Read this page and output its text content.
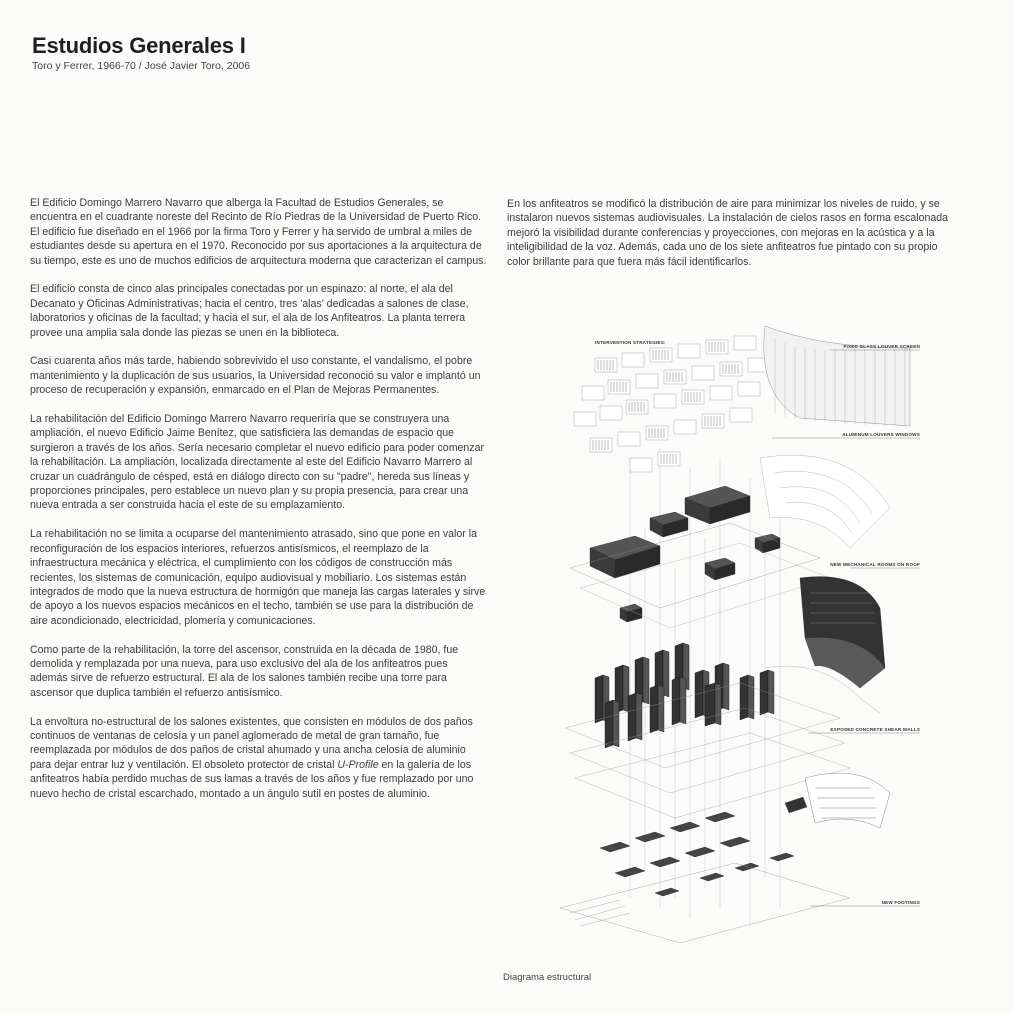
Estudios Generales I
Toro y Ferrer, 1966-70 / José Javier Toro, 2006

El Edificio Domingo Marrero Navarro que alberga la Facultad de Estudios Generales, se encuentra en el cuadrante noreste del Recinto de Río Piedras de la Universidad de Puerto Rico. El edificio fue diseñado en el 1966 por la firma Toro y Ferrer y ha servido de umbral a miles de estudiantes desde su apertura en el 1970. Reconocido por sus aportaciones a la arquitectura de su tiempo, este es uno de muchos edificios de arquitectura moderna que caracterizan el campus.

El edificio consta de cinco alas principales conectadas por un espinazo: al norte, el ala del Decanato y Oficinas Administrativas; hacia el centro, tres 'alas' dedicadas a salones de clase, laboratorios y oficinas de la facultad; y hacia el sur, el ala de los Anfiteatros. La planta terrera provee una amplia sala donde las piezas se unen en la biblioteca.

Casi cuarenta años más tarde, habiendo sobrevivido el uso constante, el vandalismo, el pobre mantenimiento y la duplicación de sus usuarios, la Universidad reconoció su valor e implantó un proceso de recuperación y expansión, enmarcado en el Plan de Mejoras Permanentes.

La rehabilitación del Edificio Domingo Marrero Navarro requeriría que se construyera una ampliación, el nuevo Edificio Jaime Benítez, que satisficiera las demandas de espacio que surgieron a través de los años. Sería necesario completar el nuevo edificio para poder comenzar la rehabilitación. La ampliación, localizada directamente al este del Edificio Navarro Marrero al cruzar un cuadrángulo de césped, está en diálogo directo con su "padre", hereda sus líneas y proporciones principales, pero establece un nuevo plan y su propia presencia, para crear una nueva entrada a ser construida hacia el este de su emplazamiento.

La rehabilitación no se limita a ocuparse del mantenimiento atrasado, sino que pone en valor la reconfiguración de los espacios interiores, refuerzos antisísmicos, el reemplazo de la infraestructura mecánica y eléctrica, el cumplimiento con los códigos de construcción más recientes, los sistemas de comunicación, equipo audiovisual y mobiliario. Los sistemas están integrados de modo que la nueva estructura de hormigón que maneja las cargas laterales y sirve de apoyo a los nuevos espacios mecánicos en el techo, también se use para la distribución de aire acondicionado, electricidad, plomería y comunicaciones.

Como parte de la rehabilitación, la torre del ascensor, construida en la década de 1980, fue demolida y remplazada por una nueva, para uso exclusivo del ala de los anfiteatros pues además sirve de refuerzo estructural. El ala de los salones también recibe una torre para ascensor que duplica también el refuerzo antisísmico.

La envoltura no-estructural de los salones existentes, que consisten en módulos de dos paños continuos de ventanas de celosía y un panel aglomerado de metal de gran tamaño, fue reemplazada por módulos de dos paños de cristal ahumado y una ancha celosía de aluminio para dejar entrar luz y ventilación. El obsoleto protector de cristal U-Profile en la galería de los anfiteatros había perdido muchas de sus lamas a través de los años y fue remplazado por uno nuevo hecho de cristal escarchado, montado a un ángulo sutil en postes de aluminio.

En los anfiteatros se modificó la distribución de aire para minimizar los niveles de ruido, y se instalaron nuevos sistemas audiovisuales. La instalación de cielos rasos en forma escalonada mejoró la visibilidad durante conferencias y proyecciones, con mejoras en la acústica y a la inteligibilidad de la voz. Además, cada uno de los siete anfiteatros fue pintado con su propio color brillante para que fuera más fácil identificarlos.

INTERVENTION STRATEGIES:
FIXED GLASS LOUVER SCREEN
ALUMINUM LOUVERS WINDOWS
NEW MECHANICAL ROOMS ON ROOF
EXPOSED CONCRETE SHEAR WALLS
NEW FOOTINGS
Diagrama estructural
